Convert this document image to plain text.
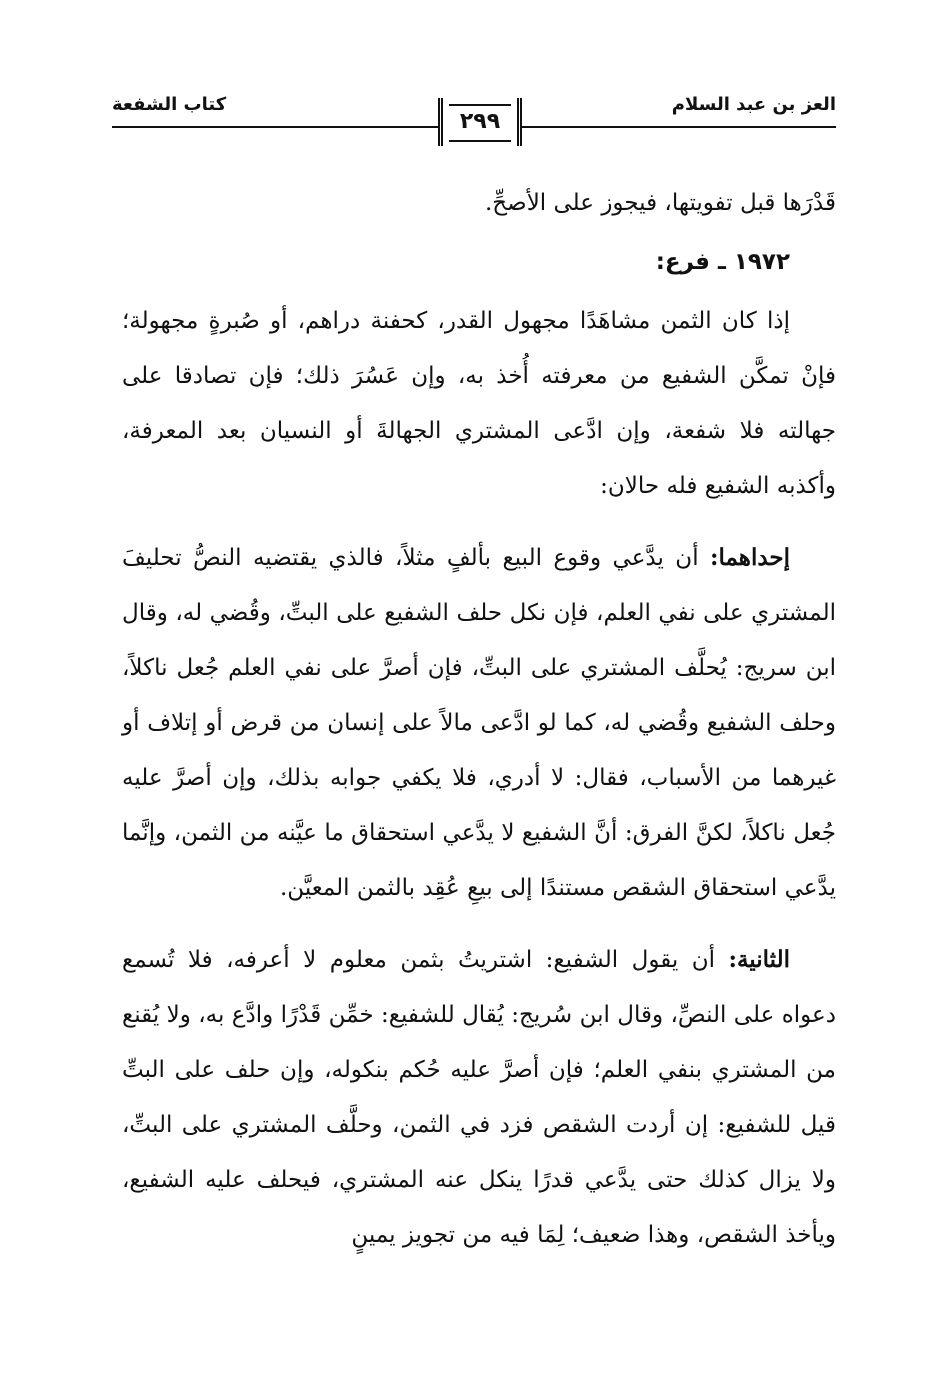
العز بن عبد السلام
كتاب الشفعة
٢٩٩

قَدْرَها قبل تفويتها، فيجوز على الأصحِّ.

١٩٧٢ ـ فرع:

إذا كان الثمن مشاهَدًا مجهول القدر، كحفنة دراهم، أو صُبرةٍ مجهولة؛ فإنْ تمكَّن الشفيع من معرفته أُخذ به، وإن عَسُرَ ذلك؛ فإن تصادقا على جهالته فلا شفعة، وإن ادَّعى المشتري الجهالةَ أو النسيان بعد المعرفة، وأكذبه الشفيع فله حالان:

إحداهما: أن يدَّعي وقوع البيع بألفٍ مثلاً، فالذي يقتضيه النصُّ تحليفَ المشتري على نفي العلم، فإن نكل حلف الشفيع على البتِّ، وقُضي له، وقال ابن سريج: يُحلَّف المشتري على البتِّ، فإن أصرَّ على نفي العلم جُعل ناكلاً، وحلف الشفيع وقُضي له، كما لو ادَّعى مالاً على إنسان من قرض أو إتلاف أو غيرهما من الأسباب، فقال: لا أدري، فلا يكفي جوابه بذلك، وإن أصرَّ عليه جُعل ناكلاً، لكنَّ الفرق: أنَّ الشفيع لا يدَّعي استحقاق ما عيَّنه من الثمن، وإنَّما يدَّعي استحقاق الشقص مستندًا إلى بيعِ عُقِد بالثمن المعيَّن.

الثانية: أن يقول الشفيع: اشتريتُ بثمن معلوم لا أعرفه، فلا تُسمع دعواه على النصِّ، وقال ابن سُريج: يُقال للشفيع: خمِّن قَدْرًا وادَّع به، ولا يُقنع من المشتري بنفي العلم؛ فإن أصرَّ عليه حُكم بنكوله، وإن حلف على البتِّ قيل للشفيع: إن أردت الشقص فزد في الثمن، وحلَّف المشتري على البتِّ، ولا يزال كذلك حتى يدَّعي قدرًا ينكل عنه المشتري، فيحلف عليه الشفيع، ويأخذ الشقص، وهذا ضعيف؛ لِمَا فيه من تجويز يمينٍ
